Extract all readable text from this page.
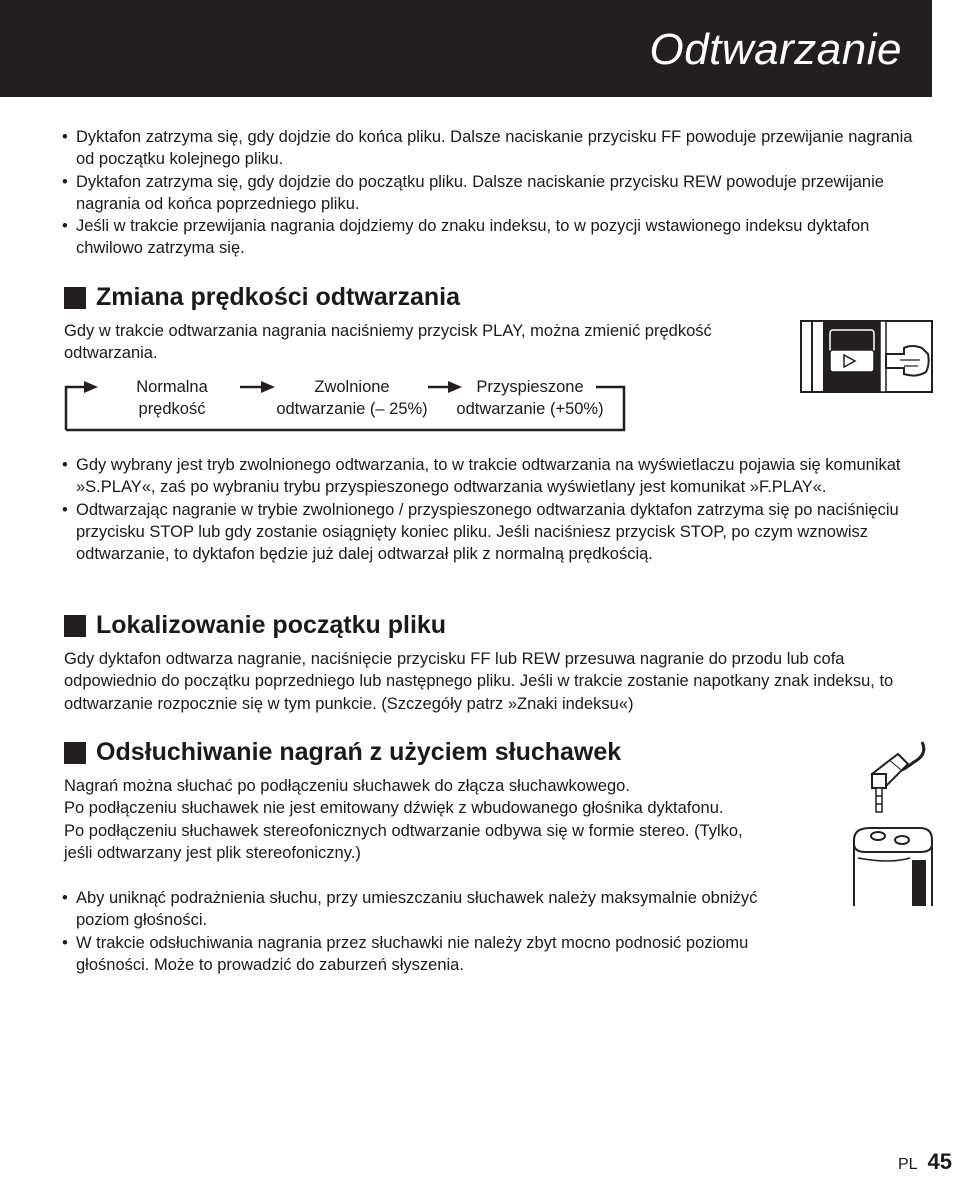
Odtwarzanie
• Dyktafon zatrzyma się, gdy dojdzie do końca pliku. Dalsze naciskanie przycisku FF powoduje przewijanie nagrania od początku kolejnego pliku.
• Dyktafon zatrzyma się, gdy dojdzie do początku pliku. Dalsze naciskanie przycisku REW powoduje przewijanie nagrania od końca poprzedniego pliku.
• Jeśli w trakcie przewijania nagrania dojdziemy do znaku indeksu, to w pozycji wstawionego indeksu dyktafon chwilowo zatrzyma się.
Zmiana prędkości odtwarzania

Gdy w trakcie odtwarzania nagrania naciśniemy przycisk PLAY, można zmienić prędkość odtwarzania.

Normalna
prędkość
Zwolnione
odtwarzanie (– 25%)
Przyspieszone
odtwarzanie (+50%)
• Gdy wybrany jest tryb zwolnionego odtwarzania, to w trakcie odtwarzania na wyświetlaczu pojawia się komunikat »S.PLAY«, zaś po wybraniu trybu przyspieszonego odtwarzania wyświetlany jest komunikat »F.PLAY«.
• Odtwarzając nagranie w trybie zwolnionego / przyspieszonego odtwarzania dyktafon zatrzyma się po naciśnięciu przycisku STOP lub gdy zostanie osiągnięty koniec pliku. Jeśli naciśniesz przycisk STOP, po czym wznowisz odtwarzanie, to dyktafon będzie już dalej odtwarzał plik z normalną prędkością.
Lokalizowanie początku pliku

Gdy dyktafon odtwarza nagranie, naciśnięcie przycisku FF lub REW przesuwa nagranie do przodu lub cofa odpowiednio do początku poprzedniego lub następnego pliku. Jeśli w trakcie zostanie napotkany znak indeksu, to odtwarzanie rozpocznie się w tym punkcie. (Szczegóły patrz »Znaki indeksu«)

Odsłuchiwanie nagrań z użyciem słuchawek
Nagrań można słuchać po podłączeniu słuchawek do złącza słuchawkowego.
Po podłączeniu słuchawek nie jest emitowany dźwięk z wbudowanego głośnika dyktafonu.
Po podłączeniu słuchawek stereofonicznych odtwarzanie odbywa się w formie stereo. (Tylko, jeśli odtwarzany jest plik stereofoniczny.)
• Aby uniknąć podrażnienia słuchu, przy umieszczaniu słuchawek należy maksymalnie obniżyć poziom głośności.
• W trakcie odsłuchiwania nagrania przez słuchawki nie należy zbyt mocno podnosić poziomu głośności. Może to prowadzić do zaburzeń słyszenia.
PL 45
